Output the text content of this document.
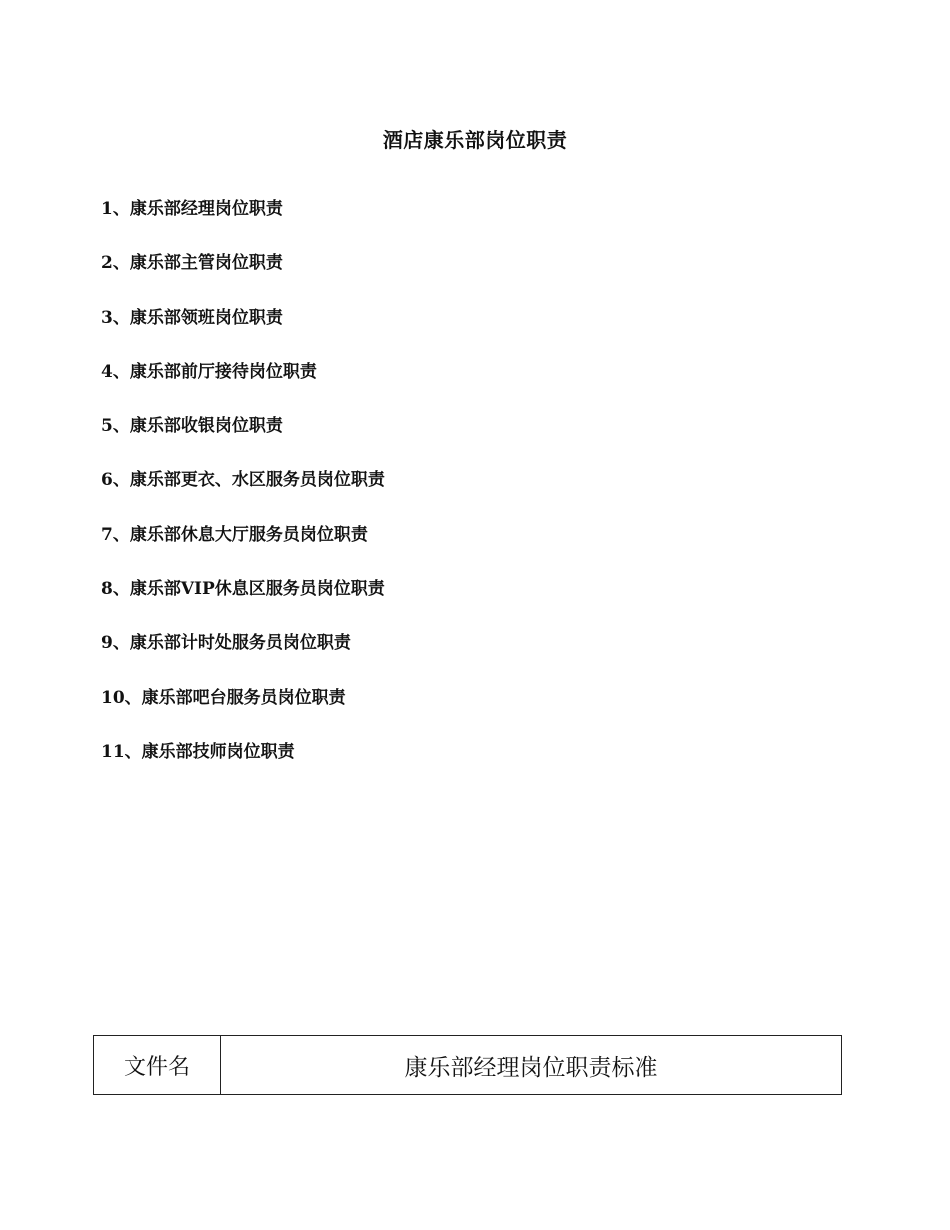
酒店康乐部岗位职责
1、康乐部经理岗位职责
2、康乐部主管岗位职责
3、康乐部领班岗位职责
4、康乐部前厅接待岗位职责
5、康乐部收银岗位职责
6、康乐部更衣、水区服务员岗位职责
7、康乐部休息大厅服务员岗位职责
8、康乐部VIP休息区服务员岗位职责
9、康乐部计时处服务员岗位职责
10、康乐部吧台服务员岗位职责
11、康乐部技师岗位职责
文件名	康乐部经理岗位职责标准
